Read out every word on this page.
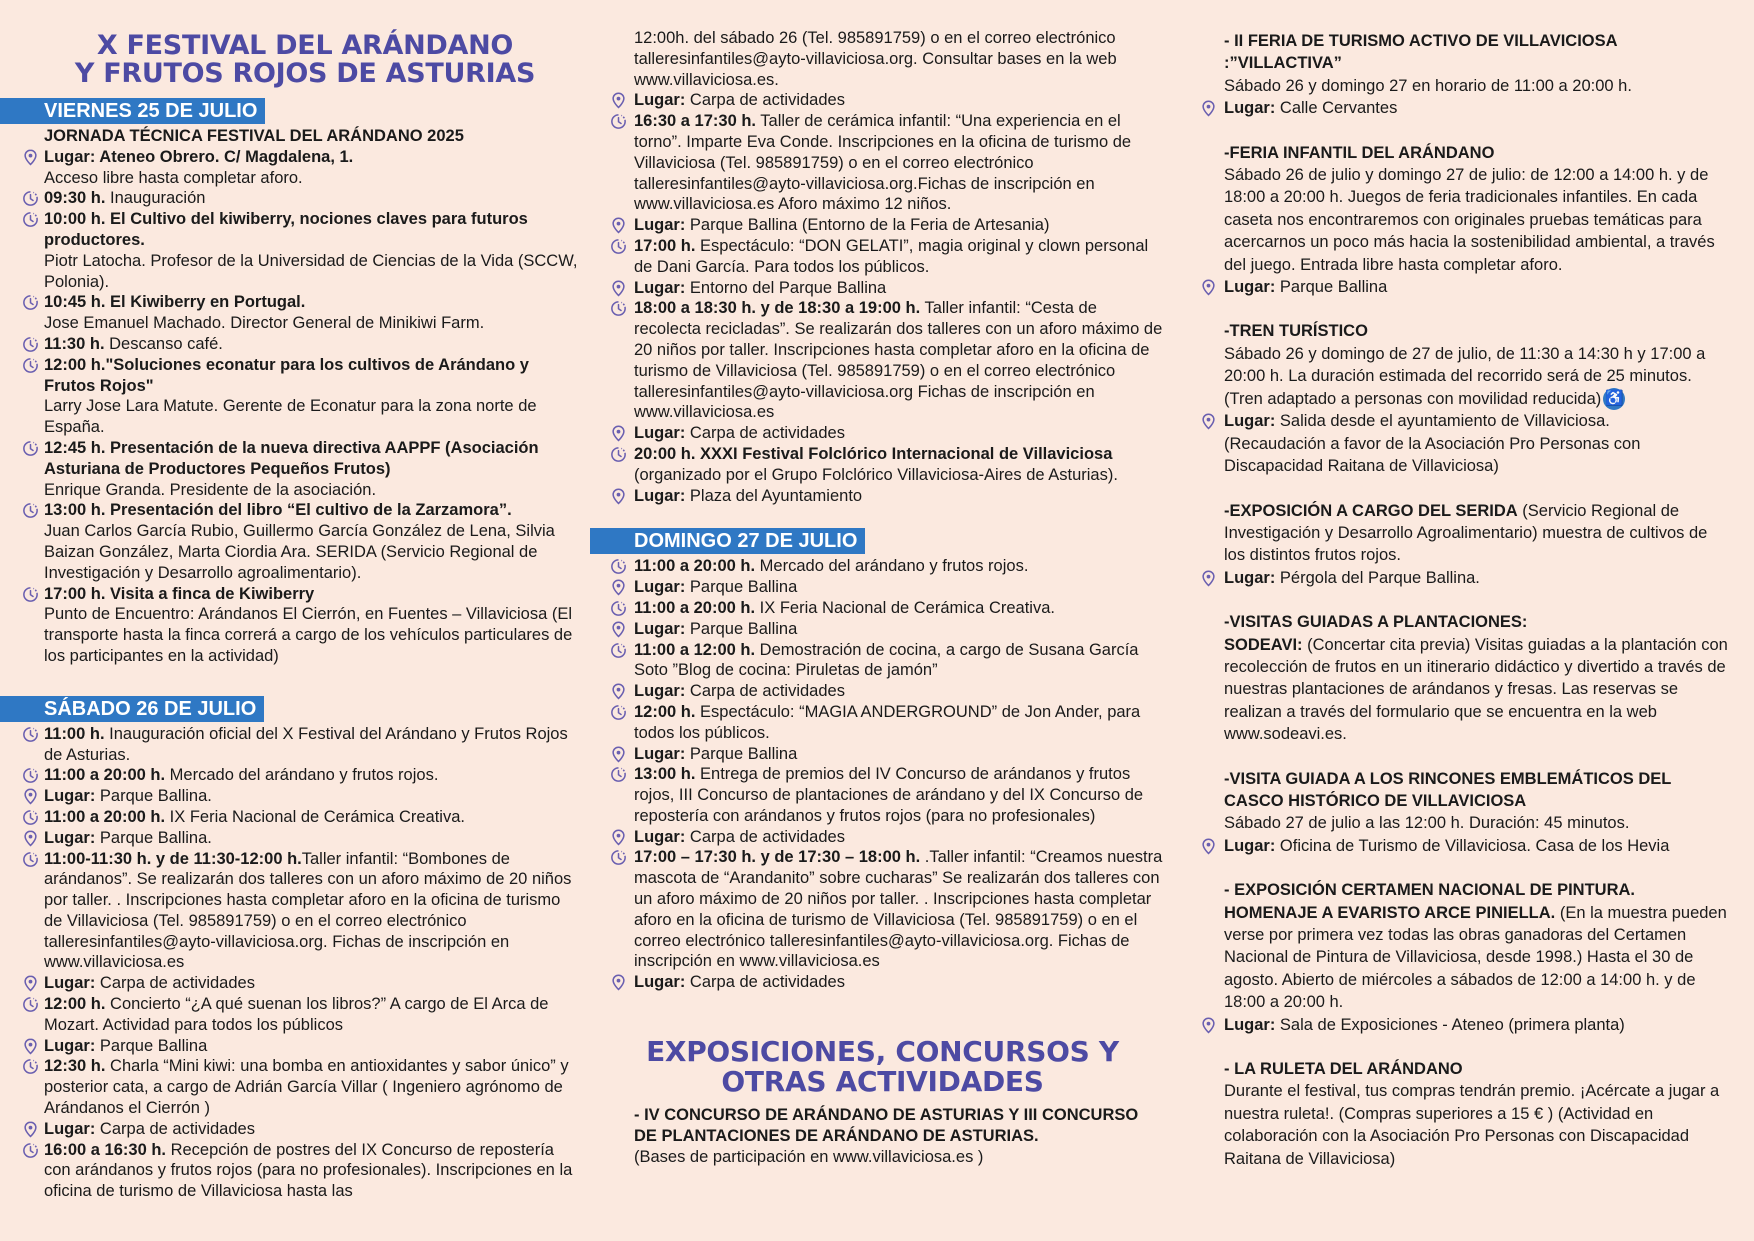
X FESTIVAL DEL ARÁNDANO
Y FRUTOS ROJOS DE ASTURIAS
VIERNES 25 DE JULIO
JORNADA TÉCNICA FESTIVAL DEL ARÁNDANO 2025
Lugar: Ateneo Obrero. C/ Magdalena, 1.
Acceso libre hasta completar aforo.
09:30 h. Inauguración
10:00 h. El Cultivo del kiwiberry, nociones claves para futuros productores.
Piotr Latocha. Profesor de la Universidad de Ciencias de la Vida (SCCW, Polonia).
10:45 h. El Kiwiberry en Portugal.
Jose Emanuel Machado. Director General de Minikiwi Farm.
11:30 h. Descanso café.
12:00 h."Soluciones econatur para los cultivos de Arándano y Frutos Rojos"
Larry Jose Lara Matute. Gerente de Econatur para la zona norte de España.
12:45 h. Presentación de la nueva directiva AAPPF (Asociación Asturiana de Productores Pequeños Frutos)
Enrique Granda. Presidente de la asociación.
13:00 h. Presentación del libro “El cultivo de la Zarzamora”.
Juan Carlos García Rubio, Guillermo García González de Lena, Silvia Baizan González, Marta Ciordia Ara. SERIDA (Servicio Regional de Investigación y Desarrollo agroalimentario).
17:00 h. Visita a finca de Kiwiberry
Punto de Encuentro: Arándanos El Cierrón, en Fuentes – Villaviciosa (El transporte hasta la finca correrá a cargo de los vehículos particulares de los participantes en la actividad)
SÁBADO 26 DE JULIO
11:00 h. Inauguración oficial del X Festival del Arándano y Frutos Rojos de Asturias.
11:00 a 20:00 h. Mercado del arándano y frutos rojos.
Lugar: Parque Ballina.
11:00 a 20:00 h. IX Feria Nacional de Cerámica Creativa.
Lugar: Parque Ballina.
11:00-11:30 h. y de 11:30-12:00 h.Taller infantil: “Bombones de arándanos”. Se realizarán dos talleres con un aforo máximo de 20 niños por taller. . Inscripciones hasta completar aforo en la oficina de turismo de Villaviciosa (Tel. 985891759) o en el correo electrónico talleresinfantiles@ayto-villaviciosa.org. Fichas de inscripción en www.villaviciosa.es
Lugar: Carpa de actividades
12:00 h. Concierto “¿A qué suenan los libros?” A cargo de El Arca de Mozart. Actividad para todos los públicos
Lugar: Parque Ballina
12:30 h. Charla “Mini kiwi: una bomba en antioxidantes y sabor único” y posterior cata, a cargo de Adrián García Villar ( Ingeniero agrónomo de Arándanos el Cierrón )
Lugar: Carpa de actividades
16:00 a 16:30 h. Recepción de postres del IX Concurso de repostería con arándanos y frutos rojos (para no profesionales). Inscripciones en la oficina de turismo de Villaviciosa hasta las
12:00h. del sábado 26 (Tel. 985891759) o en el correo electrónico talleresinfantiles@ayto-villaviciosa.org. Consultar bases en la web www.villaviciosa.es.
Lugar: Carpa de actividades
16:30 a 17:30 h. Taller de cerámica infantil: “Una experiencia en el torno”. Imparte Eva Conde. Inscripciones en la oficina de turismo de Villaviciosa (Tel. 985891759) o en el correo electrónico talleresinfantiles@ayto-villaviciosa.org.Fichas de inscripción en www.villaviciosa.es Aforo máximo 12 niños.
Lugar: Parque Ballina (Entorno de la Feria de Artesania)
17:00 h. Espectáculo: “DON GELATI”, magia original y clown personal de Dani García. Para todos los públicos.
Lugar: Entorno del Parque Ballina
18:00 a 18:30 h. y de 18:30 a 19:00 h. Taller infantil: “Cesta de recolecta recicladas”. Se realizarán dos talleres con un aforo máximo de 20 niños por taller. Inscripciones hasta completar aforo en la oficina de turismo de Villaviciosa (Tel. 985891759) o en el correo electrónico talleresinfantiles@ayto-villaviciosa.org Fichas de inscripción en www.villaviciosa.es
Lugar: Carpa de actividades
20:00 h. XXXI Festival Folclórico Internacional de Villaviciosa (organizado por el Grupo Folclórico Villaviciosa-Aires de Asturias).
Lugar: Plaza del Ayuntamiento
DOMINGO 27 DE JULIO
11:00 a 20:00 h. Mercado del arándano y frutos rojos.
Lugar: Parque Ballina
11:00 a 20:00 h. IX Feria Nacional de Cerámica Creativa.
Lugar: Parque Ballina
11:00 a 12:00 h. Demostración de cocina, a cargo de Susana García Soto ”Blog de cocina: Piruletas de jamón”
Lugar: Carpa de actividades
12:00 h. Espectáculo: “MAGIA ANDERGROUND” de Jon Ander, para todos los públicos.
Lugar: Parque Ballina
13:00 h. Entrega de premios del IV Concurso de arándanos y frutos rojos, III Concurso de plantaciones de arándano y del IX Concurso de repostería con arándanos y frutos rojos (para no profesionales)
Lugar: Carpa de actividades
17:00 – 17:30 h. y de 17:30 – 18:00 h. .Taller infantil: “Creamos nuestra mascota de “Arandanito” sobre cucharas” Se realizarán dos talleres con un aforo máximo de 20 niños por taller. . Inscripciones hasta completar aforo en la oficina de turismo de Villaviciosa (Tel. 985891759) o en el correo electrónico talleresinfantiles@ayto-villaviciosa.org. Fichas de inscripción en www.villaviciosa.es
Lugar: Carpa de actividades
EXPOSICIONES, CONCURSOS Y
OTRAS ACTIVIDADES
- IV CONCURSO DE ARÁNDANO DE ASTURIAS Y III CONCURSO DE PLANTACIONES DE ARÁNDANO DE ASTURIAS.
(Bases de participación en www.villaviciosa.es )
- II FERIA DE TURISMO ACTIVO DE VILLAVICIOSA :”VILLACTIVA”
Sábado 26 y domingo 27 en horario de 11:00 a 20:00 h.
Lugar: Calle Cervantes
-FERIA INFANTIL DEL ARÁNDANO
Sábado 26 de julio y domingo 27 de julio: de 12:00 a 14:00 h. y de 18:00 a 20:00 h. Juegos de feria tradicionales infantiles. En cada caseta nos encontraremos con originales pruebas temáticas para acercarnos un poco más hacia la sostenibilidad ambiental, a través del juego. Entrada libre hasta completar aforo.
Lugar: Parque Ballina
-TREN TURÍSTICO
Sábado 26 y domingo de 27 de julio, de 11:30 a 14:30 h y 17:00 a 20:00 h. La duración estimada del recorrido será de 25 minutos. (Tren adaptado a personas con movilidad reducida) ♿
Lugar: Salida desde el ayuntamiento de Villaviciosa.
(Recaudación a favor de la Asociación Pro Personas con Discapacidad Raitana de Villaviciosa)
-EXPOSICIÓN A CARGO DEL SERIDA (Servicio Regional de Investigación y Desarrollo Agroalimentario) muestra de cultivos de los distintos frutos rojos.
Lugar: Pérgola del Parque Ballina.
-VISITAS GUIADAS A PLANTACIONES:
SODEAVI: (Concertar cita previa) Visitas guiadas a la plantación con recolección de frutos en un itinerario didáctico y divertido a través de nuestras plantaciones de arándanos y fresas. Las reservas se realizan a través del formulario que se encuentra en la web www.sodeavi.es.
-VISITA GUIADA A LOS RINCONES EMBLEMÁTICOS DEL CASCO HISTÓRICO DE VILLAVICIOSA
Sábado 27 de julio a las 12:00 h. Duración: 45 minutos.
Lugar: Oficina de Turismo de Villaviciosa. Casa de los Hevia
- EXPOSICIÓN CERTAMEN NACIONAL DE PINTURA. HOMENAJE A EVARISTO ARCE PINIELLA. (En la muestra pueden verse por primera vez todas las obras ganadoras del Certamen Nacional de Pintura de Villaviciosa, desde 1998.) Hasta el 30 de agosto. Abierto de miércoles a sábados de 12:00 a 14:00 h. y de 18:00 a 20:00 h.
Lugar: Sala de Exposiciones - Ateneo (primera planta)
- LA RULETA DEL ARÁNDANO
Durante el festival, tus compras tendrán premio. ¡Acércate a jugar a nuestra ruleta!. (Compras superiores a 15 € ) (Actividad en colaboración con la Asociación Pro Personas con Discapacidad Raitana de Villaviciosa)
